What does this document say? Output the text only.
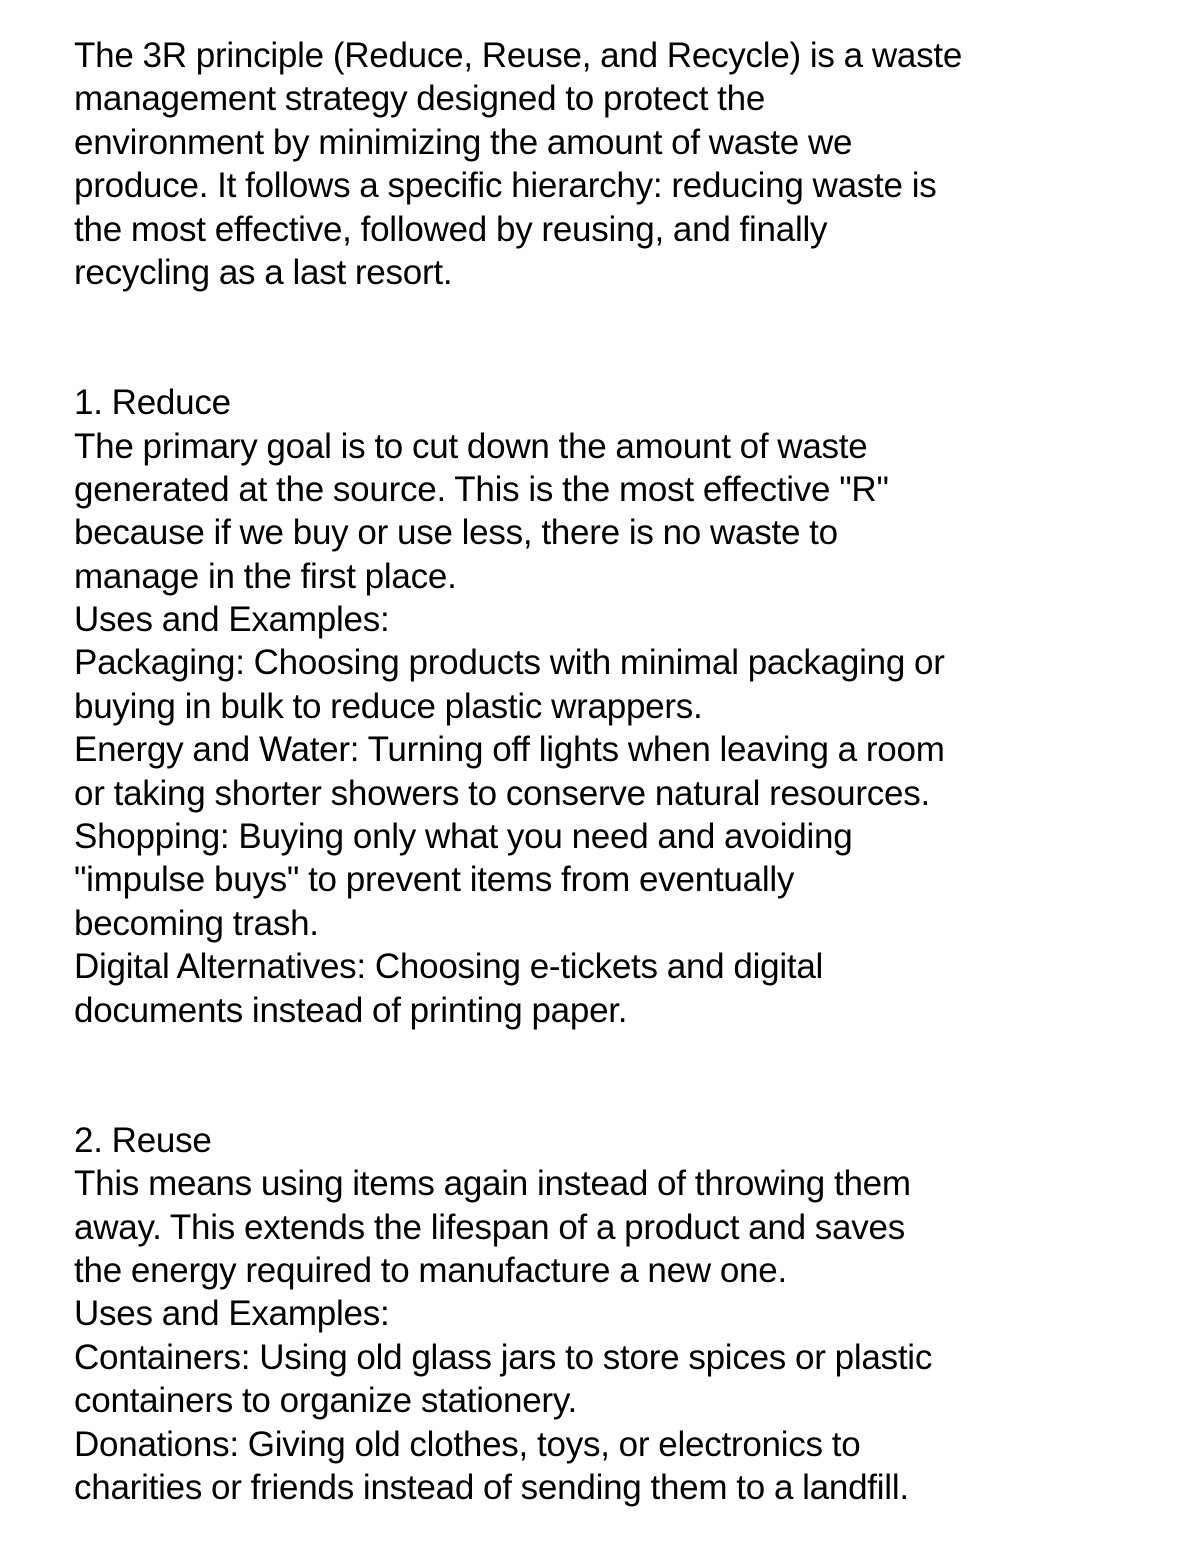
The 3R principle (Reduce, Reuse, and Recycle) is a waste

management strategy designed to protect the

environment by minimizing the amount of waste we

produce. It follows a specific hierarchy: reducing waste is

the most effective, followed by reusing, and finally

recycling as a last resort.

1. Reduce

The primary goal is to cut down the amount of waste

generated at the source. This is the most effective "R"

because if we buy or use less, there is no waste to

manage in the first place.

Uses and Examples:

Packaging: Choosing products with minimal packaging or

buying in bulk to reduce plastic wrappers.

Energy and Water: Turning off lights when leaving a room

or taking shorter showers to conserve natural resources.

Shopping: Buying only what you need and avoiding

"impulse buys" to prevent items from eventually

becoming trash.

Digital Alternatives: Choosing e-tickets and digital

documents instead of printing paper.

2. Reuse

This means using items again instead of throwing them

away. This extends the lifespan of a product and saves

the energy required to manufacture a new one.

Uses and Examples:

Containers: Using old glass jars to store spices or plastic

containers to organize stationery.

Donations: Giving old clothes, toys, or electronics to

charities or friends instead of sending them to a landfill.
